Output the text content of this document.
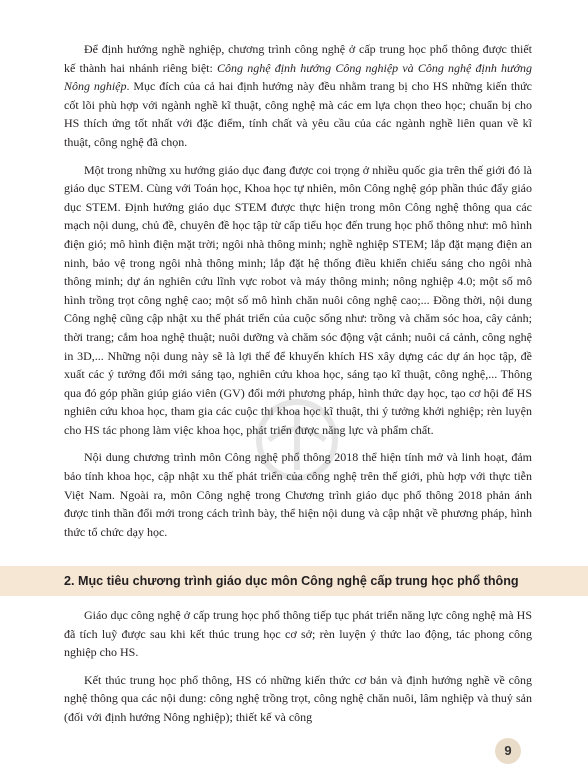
Để định hướng nghề nghiệp, chương trình công nghệ ở cấp trung học phổ thông được thiết kế thành hai nhánh riêng biệt: Công nghệ định hướng Công nghiệp và Công nghệ định hướng Nông nghiệp. Mục đích của cả hai định hướng này đều nhằm trang bị cho HS những kiến thức cốt lõi phù hợp với ngành nghề kĩ thuật, công nghệ mà các em lựa chọn theo học; chuẩn bị cho HS thích ứng tốt nhất với đặc điểm, tính chất và yêu cầu của các ngành nghề liên quan về kĩ thuật, công nghệ đã chọn.

Một trong những xu hướng giáo dục đang được coi trọng ở nhiều quốc gia trên thế giới đó là giáo dục STEM. Cùng với Toán học, Khoa học tự nhiên, môn Công nghệ góp phần thúc đẩy giáo dục STEM. Định hướng giáo dục STEM được thực hiện trong môn Công nghệ thông qua các mạch nội dung, chủ đề, chuyên đề học tập từ cấp tiểu học đến trung học phổ thông như: mô hình điện gió; mô hình điện mặt trời; ngôi nhà thông minh; nghề nghiệp STEM; lắp đặt mạng điện an ninh, bảo vệ trong ngôi nhà thông minh; lắp đặt hệ thống điều khiển chiếu sáng cho ngôi nhà thông minh; dự án nghiên cứu lĩnh vực robot và máy thông minh; nông nghiệp 4.0; một số mô hình trồng trọt công nghệ cao; một số mô hình chăn nuôi công nghệ cao;... Đồng thời, nội dung Công nghệ cũng cập nhật xu thế phát triển của cuộc sống như: trồng và chăm sóc hoa, cây cảnh; thời trang; cắm hoa nghệ thuật; nuôi dưỡng và chăm sóc động vật cảnh; nuôi cá cảnh, công nghệ in 3D,... Những nội dung này sẽ là lợi thế để khuyến khích HS xây dựng các dự án học tập, đề xuất các ý tưởng đổi mới sáng tạo, nghiên cứu khoa học, sáng tạo kĩ thuật, công nghệ,... Thông qua đó góp phần giúp giáo viên (GV) đổi mới phương pháp, hình thức dạy học, tạo cơ hội để HS nghiên cứu khoa học, tham gia các cuộc thi khoa học kĩ thuật, thi ý tưởng khởi nghiệp; rèn luyện cho HS tác phong làm việc khoa học, phát triển được năng lực và phẩm chất.

Nội dung chương trình môn Công nghệ phổ thông 2018 thể hiện tính mở và linh hoạt, đảm bảo tính khoa học, cập nhật xu thế phát triển của công nghệ trên thế giới, phù hợp với thực tiễn Việt Nam. Ngoài ra, môn Công nghệ trong Chương trình giáo dục phổ thông 2018 phản ánh được tinh thần đổi mới trong cách trình bày, thể hiện nội dung và cập nhật về phương pháp, hình thức tổ chức dạy học.

2. Mục tiêu chương trình giáo dục môn Công nghệ cấp trung học phổ thông

Giáo dục công nghệ ở cấp trung học phổ thông tiếp tục phát triển năng lực công nghệ mà HS đã tích luỹ được sau khi kết thúc trung học cơ sở; rèn luyện ý thức lao động, tác phong công nghiệp cho HS.

Kết thúc trung học phổ thông, HS có những kiến thức cơ bản và định hướng nghề về công nghệ thông qua các nội dung: công nghệ trồng trọt, công nghệ chăn nuôi, lâm nghiệp và thuỷ sản (đối với định hướng Nông nghiệp); thiết kế và công

9
